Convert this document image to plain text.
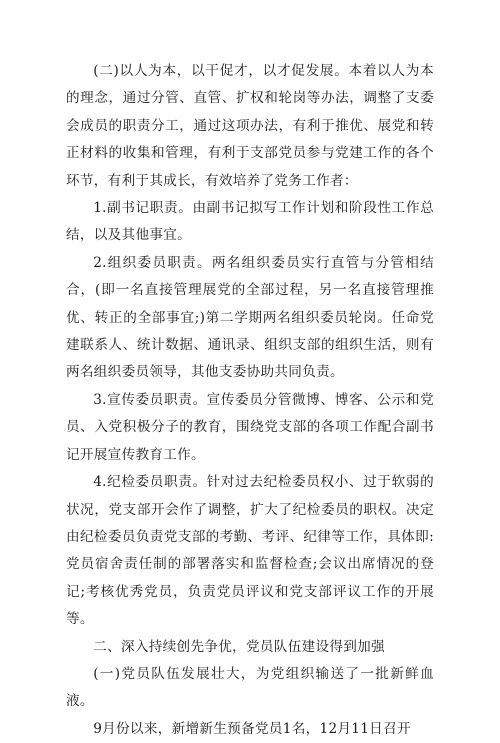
(二)以人为本，以干促才，以才促发展。本着以人为本的理念，通过分管、直管、扩权和轮岗等办法，调整了支委会成员的职责分工，通过这项办法，有利于推优、展党和转正材料的收集和管理，有利于支部党员参与党建工作的各个环节，有利于其成长，有效培养了党务工作者：

1.副书记职责。由副书记拟写工作计划和阶段性工作总结，以及其他事宜。

2.组织委员职责。两名组织委员实行直管与分管相结合，(即一名直接管理展党的全部过程，另一名直接管理推优、转正的全部事宜;)第二学期两名组织委员轮岗。任命党建联系人、统计数据、通讯录、组织支部的组织生活，则有两名组织委员领导，其他支委协助共同负责。

3.宣传委员职责。宣传委员分管微博、博客、公示和党员、入党积极分子的教育，围绕党支部的各项工作配合副书记开展宣传教育工作。

4.纪检委员职责。针对过去纪检委员权小、过于软弱的状况，党支部开会作了调整，扩大了纪检委员的职权。决定由纪检委员负责党支部的考勤、考评、纪律等工作，具体即:党员宿舍责任制的部署落实和监督检查;会议出席情况的登记;考核优秀党员，负责党员评议和党支部评议工作的开展等。

二、深入持续创先争优，党员队伍建设得到加强

(一)党员队伍发展壮大，为党组织输送了一批新鲜血液。

9月份以来，新增新生预备党员1名，12月11日召开
